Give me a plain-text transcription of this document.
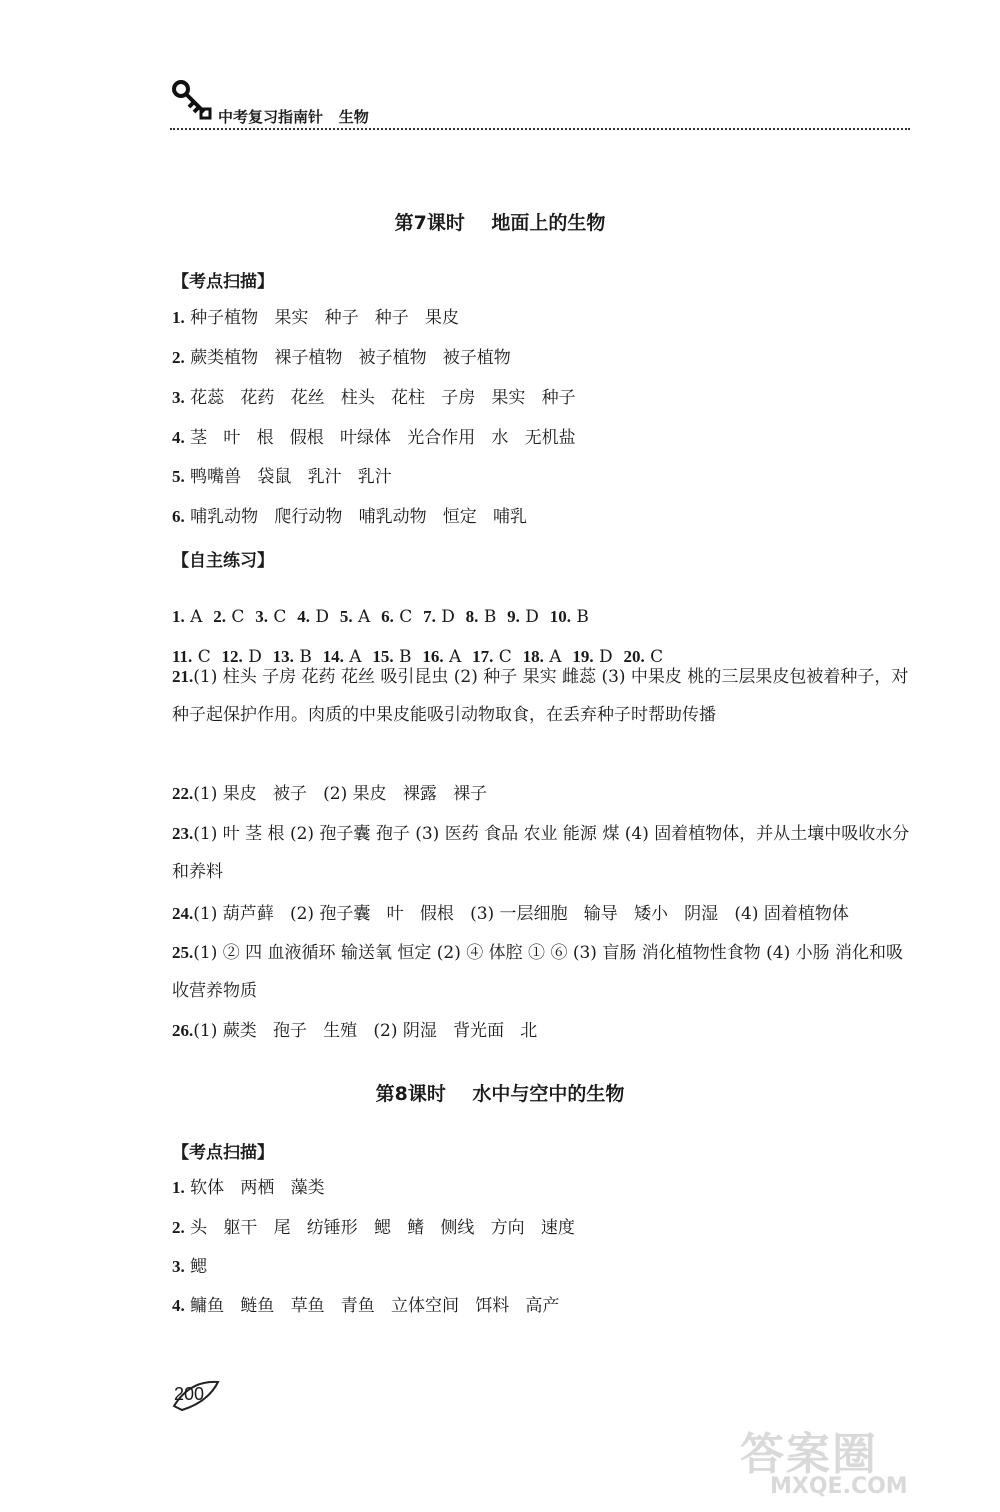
中考复习指南针 生物
第7课时    地面上的生物
【考点扫描】
1. 种子植物   果实   种子   种子   果皮
2. 蕨类植物   裸子植物   被子植物   被子植物
3. 花蕊   花药   花丝   柱头   花柱   子房   果实   种子
4. 茎   叶   根   假根   叶绿体   光合作用   水   无机盐
5. 鸭嘴兽   袋鼠   乳汁   乳汁
6. 哺乳动物   爬行动物   哺乳动物   恒定   哺乳
【自主练习】

1. A 2. C 3. C 4. D 5. A 6. C 7. D 8. B 9. D 10. B

11. C 12. D 13. B 14. A 15. B 16. A 17. C 18. A 19. D 20. C

21.(1) 柱头 子房 花药 花丝 吸引昆虫 (2) 种子 果实 雌蕊 (3) 中果皮 桃的三层果皮包被着种子，对种子起保护作用。肉质的中果皮能吸引动物取食，在丢弃种子时帮助传播
22.(1) 果皮   被子   (2) 果皮   裸露   裸子
23.(1) 叶 茎 根 (2) 孢子囊 孢子 (3) 医药 食品 农业 能源 煤 (4) 固着植物体，并从土壤中吸收水分和养料
24.(1) 葫芦藓   (2) 孢子囊   叶   假根   (3) 一层细胞   输导   矮小   阴湿   (4) 固着植物体
25.(1) ② 四 血液循环 输送氧 恒定 (2) ④ 体腔 ① ⑥ (3) 盲肠 消化植物性食物 (4) 小肠 消化和吸收营养物质
26.(1) 蕨类   孢子   生殖   (2) 阴湿   背光面   北
第8课时    水中与空中的生物
【考点扫描】
1. 软体   两栖   藻类
2. 头   躯干   尾   纺锤形   鳃   鳍   侧线   方向   速度
3. 鳃
4. 鳙鱼   鲢鱼   草鱼   青鱼   立体空间   饵料   高产
200
答案圈
MXQE.COM
